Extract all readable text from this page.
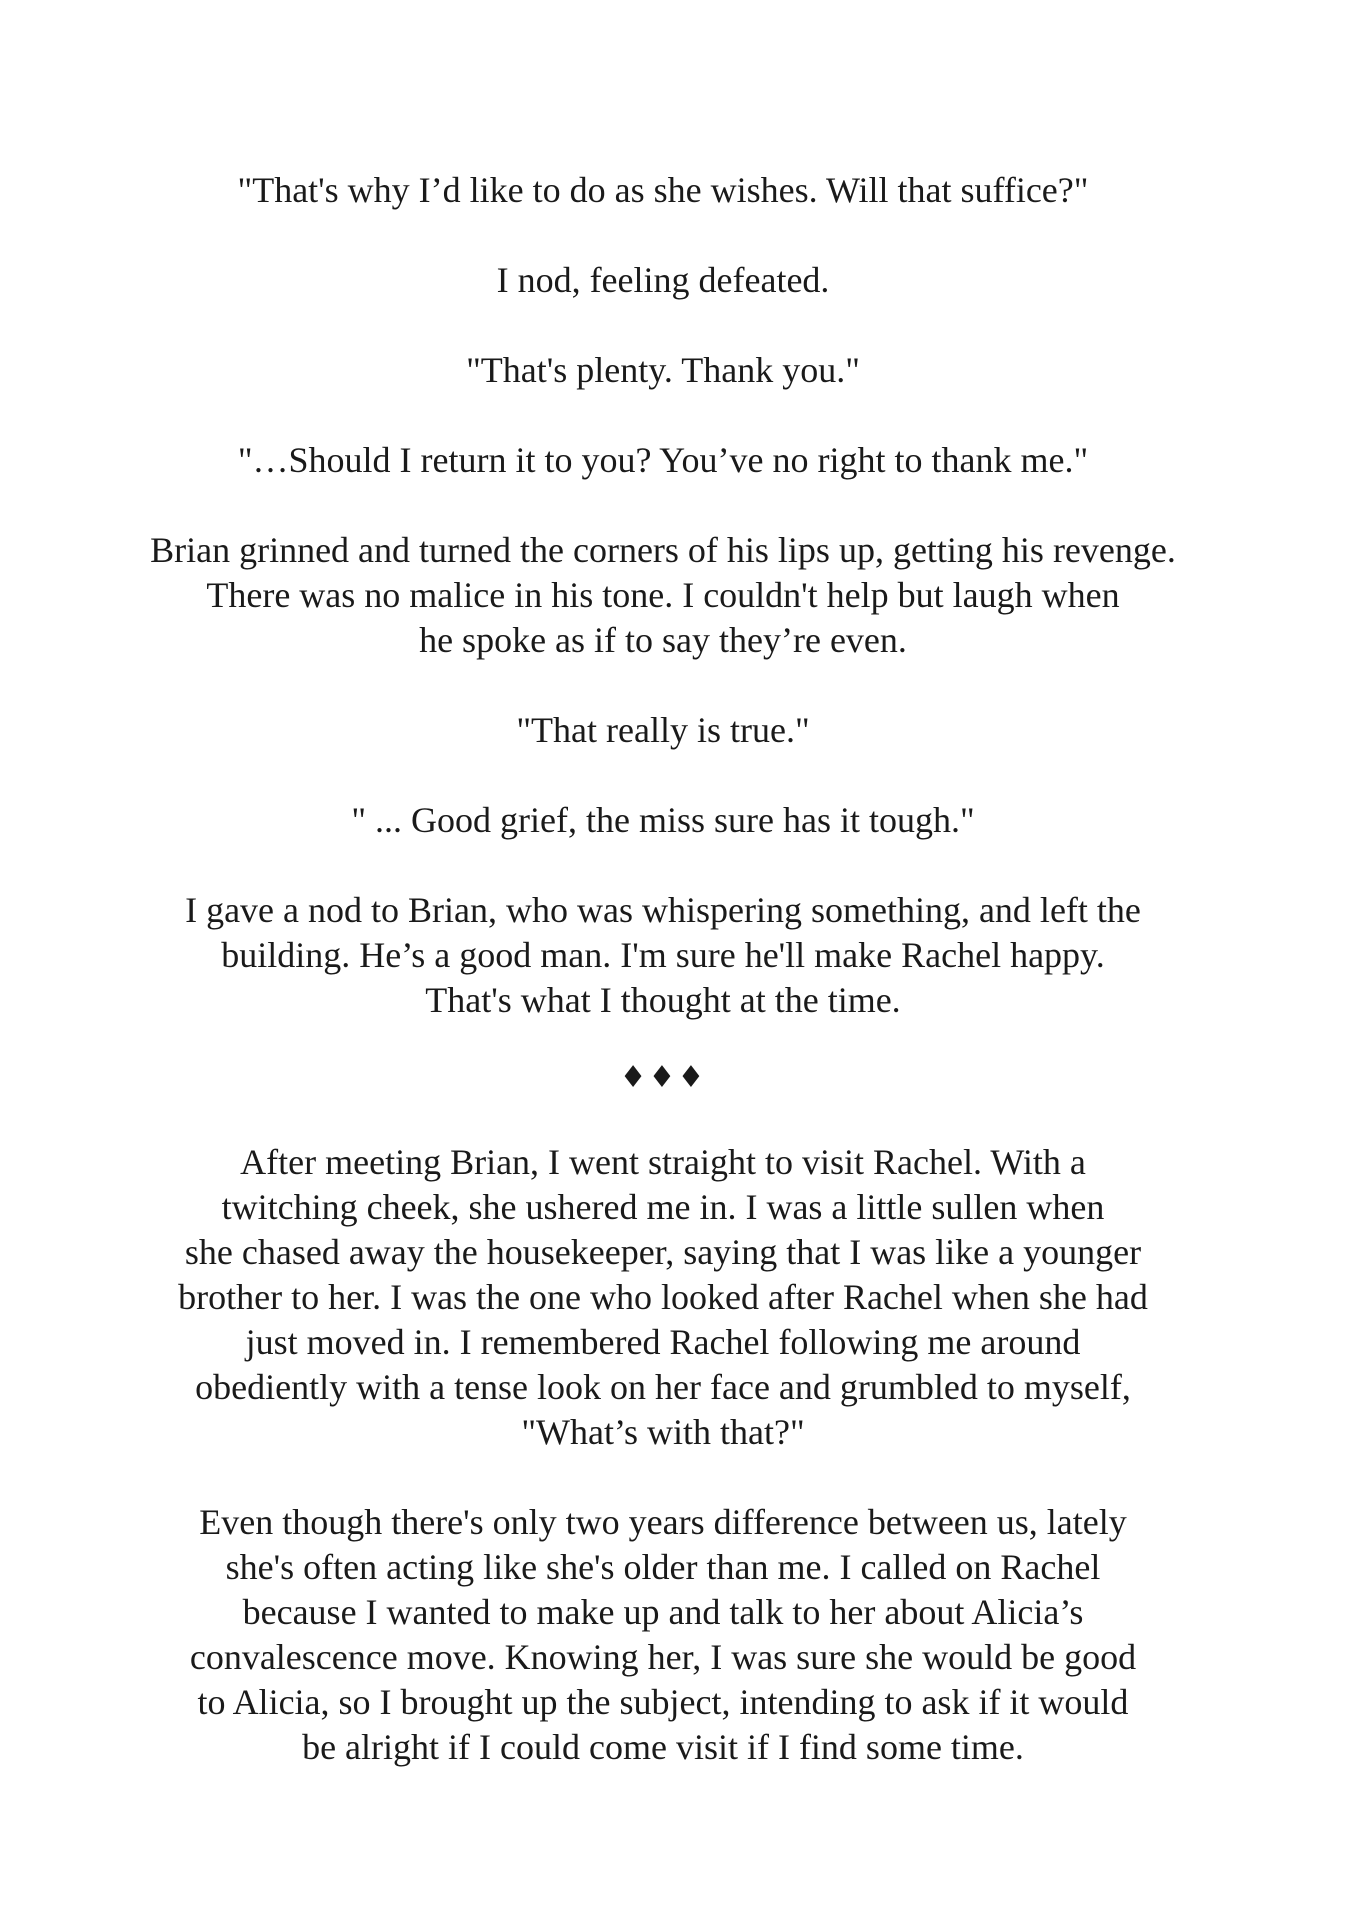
"That's why I’d like to do as she wishes. Will that suffice?"
I nod, feeling defeated.
"That's plenty. Thank you."
"…Should I return it to you? You’ve no right to thank me."
Brian grinned and turned the corners of his lips up, getting his revenge.
There was no malice in his tone. I couldn't help but laugh when
he spoke as if to say they’re even.
"That really is true."
" ... Good grief, the miss sure has it tough."
I gave a nod to Brian, who was whispering something, and left the
building. He’s a good man. I'm sure he'll make Rachel happy.
That's what I thought at the time.
♦♦♦
After meeting Brian, I went straight to visit Rachel. With a
twitching cheek, she ushered me in. I was a little sullen when
she chased away the housekeeper, saying that I was like a younger
brother to her. I was the one who looked after Rachel when she had
just moved in. I remembered Rachel following me around
obediently with a tense look on her face and grumbled to myself,
"What’s with that?"
Even though there's only two years difference between us, lately
she's often acting like she's older than me. I called on Rachel
because I wanted to make up and talk to her about Alicia’s
convalescence move. Knowing her, I was sure she would be good
to Alicia, so I brought up the subject, intending to ask if it would
be alright if I could come visit if I find some time.
